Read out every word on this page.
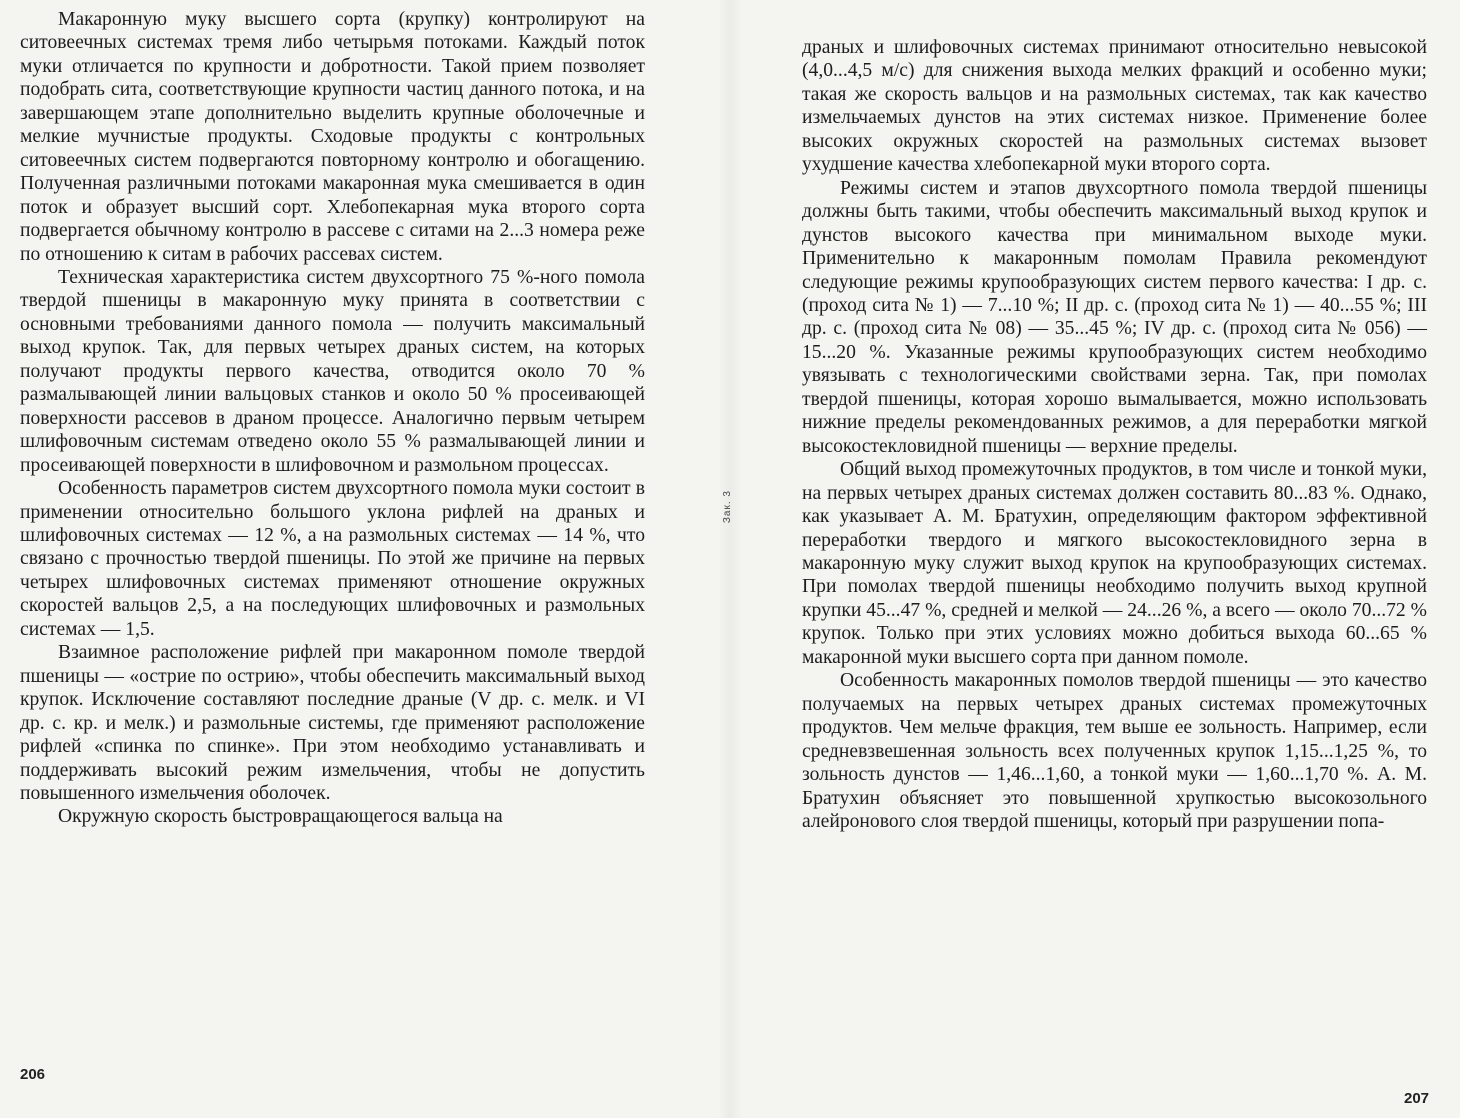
Макаронную муку высшего сорта (крупку) контролируют на ситовеечных системах тремя либо четырьмя потоками. Каждый поток муки отличается по крупности и добротности. Такой прием позволяет подобрать сита, соответствующие крупности частиц данного потока, и на завершающем этапе дополнительно выделить крупные оболочечные и мелкие мучнистые продукты. Сходовые продукты с контрольных ситовеечных систем подвергаются повторному контролю и обогащению. Полученная различными потоками макаронная мука смешивается в один поток и образует высший сорт. Хлебопекарная мука второго сорта подвергается обычному контролю в рассеве с ситами на 2...3 номера реже по отношению к ситам в рабочих рассевах систем.

Техническая характеристика систем двухсортного 75 %-ного помола твердой пшеницы в макаронную муку принята в соответствии с основными требованиями данного помола — получить максимальный выход крупок. Так, для первых четырех драных систем, на которых получают продукты первого качества, отводится около 70 % размалывающей линии вальцовых станков и около 50 % просеивающей поверхности рассевов в драном процессе. Аналогично первым четырем шлифовочным системам отведено около 55 % размалывающей линии и просеивающей поверхности в шлифовочном и размольном процессах.

Особенность параметров систем двухсортного помола муки состоит в применении относительно большого уклона рифлей на драных и шлифовочных системах — 12 %, а на размольных системах — 14 %, что связано с прочностью твердой пшеницы. По этой же причине на первых четырех шлифовочных системах применяют отношение окружных скоростей вальцов 2,5, а на последующих шлифовочных и размольных системах — 1,5.

Взаимное расположение рифлей при макаронном помоле твердой пшеницы — «острие по острию», чтобы обеспечить максимальный выход крупок. Исключение составляют последние драные (V др. с. мелк. и VI др. с. кр. и мелк.) и размольные системы, где применяют расположение рифлей «спинка по спинке». При этом необходимо устанавливать и поддерживать высокий режим измельчения, чтобы не допустить повышенного измельчения оболочек.

Окружную скорость быстровращающегося вальца на

206
Зак. 3

драных и шлифовочных системах принимают относительно невысокой (4,0...4,5 м/с) для снижения выхода мелких фракций и особенно муки; такая же скорость вальцов и на размольных системах, так как качество измельчаемых дунстов на этих системах низкое. Применение более высоких окружных скоростей на размольных системах вызовет ухудшение качества хлебопекарной муки второго сорта.

Режимы систем и этапов двухсортного помола твердой пшеницы должны быть такими, чтобы обеспечить максимальный выход крупок и дунстов высокого качества при минимальном выходе муки. Применительно к макаронным помолам Правила рекомендуют следующие режимы крупообразующих систем первого качества: I др. с. (проход сита № 1) — 7...10 %; II др. с. (проход сита № 1) — 40...55 %; III др. с. (проход сита № 08) — 35...45 %; IV др. с. (проход сита № 056) — 15...20 %. Указанные режимы крупообразующих систем необходимо увязывать с технологическими свойствами зерна. Так, при помолах твердой пшеницы, которая хорошо вымалывается, можно использовать нижние пределы рекомендованных режимов, а для переработки мягкой высокостекловидной пшеницы — верхние пределы.

Общий выход промежуточных продуктов, в том числе и тонкой муки, на первых четырех драных системах должен составить 80...83 %. Однако, как указывает А. М. Братухин, определяющим фактором эффективной переработки твердого и мягкого высокостекловидного зерна в макаронную муку служит выход крупок на крупообразующих системах. При помолах твердой пшеницы необходимо получить выход крупной крупки 45...47 %, средней и мелкой — 24...26 %, а всего — около 70...72 % крупок. Только при этих условиях можно добиться выхода 60...65 % макаронной муки высшего сорта при данном помоле.

Особенность макаронных помолов твердой пшеницы — это качество получаемых на первых четырех драных системах промежуточных продуктов. Чем мельче фракция, тем выше ее зольность. Например, если средневзвешенная зольность всех полученных крупок 1,15...1,25 %, то зольность дунстов — 1,46...1,60, а тонкой муки — 1,60...1,70 %. А. М. Братухин объясняет это повышенной хрупкостью высокозольного алейронового слоя твердой пшеницы, который при разрушении попа-

207
